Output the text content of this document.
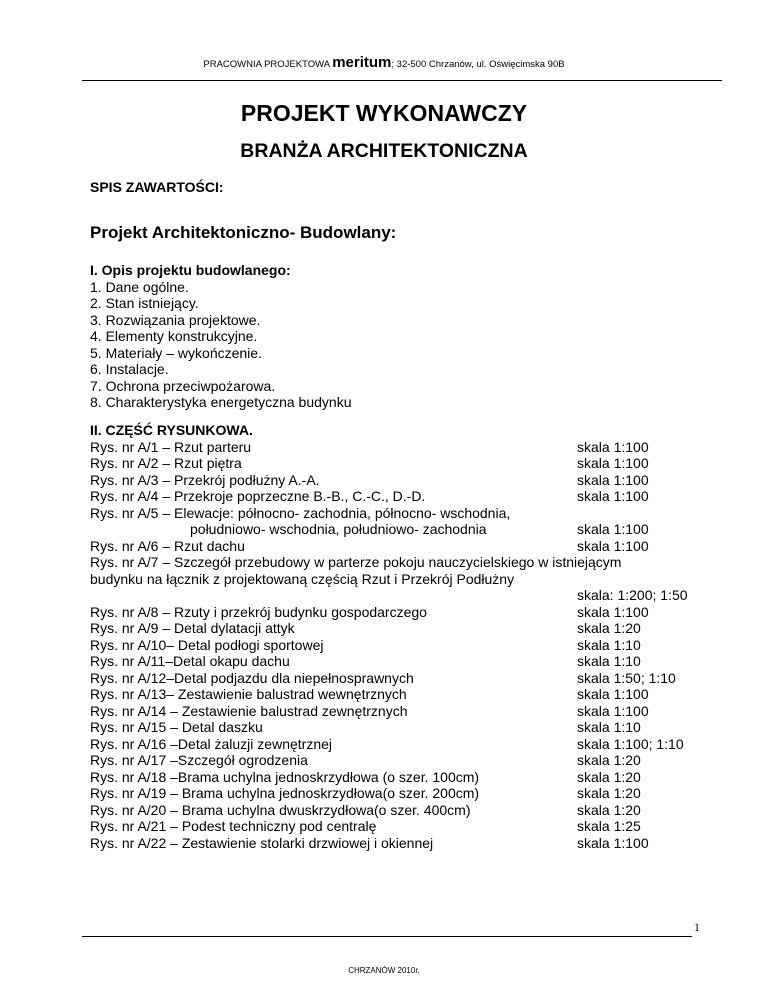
PRACOWNIA PROJEKTOWA meritum; 32-500 Chrzanów, ul. Oświęcimska 90B
PROJEKT WYKONAWCZY
BRANŻA ARCHITEKTONICZNA
SPIS ZAWARTOŚCI:
Projekt Architektoniczno- Budowlany:
I. Opis projektu budowlanego:
1. Dane ogólne.
2. Stan istniejący.
3. Rozwiązania projektowe.
4. Elementy konstrukcyjne.
5. Materiały – wykończenie.
6. Instalacje.
7. Ochrona przeciwpożarowa.
8. Charakterystyka energetyczna budynku
II. CZĘŚĆ RYSUNKOWA.
Rys. nr A/1 – Rzut parteru	skala 1:100
Rys. nr A/2 – Rzut piętra	skala 1:100
Rys. nr A/3 – Przekrój podłużny A.-A.	skala 1:100
Rys. nr A/4 – Przekroje poprzeczne B.-B., C.-C., D.-D.	skala 1:100
Rys. nr A/5 – Elewacje: północno- zachodnia, północno- wschodnia,
południowo- wschodnia, południowo- zachodnia	skala 1:100
Rys. nr A/6 – Rzut dachu	skala 1:100
Rys. nr A/7 – Szczegół przebudowy w parterze pokoju nauczycielskiego w istniejącym
budynku na łącznik z projektowaną częścią Rzut i Przekrój Podłużny
skala: 1:200; 1:50
Rys. nr A/8 – Rzuty i przekrój budynku gospodarczego	skala 1:100
Rys. nr A/9 – Detal dylatacji attyk	skala 1:20
Rys. nr A/10– Detal podłogi sportowej	skala 1:10
Rys. nr A/11–Detal okapu dachu	skala 1:10
Rys. nr A/12–Detal podjazdu dla niepełnosprawnych	skala 1:50; 1:10
Rys. nr A/13– Zestawienie balustrad wewnętrznych	skala 1:100
Rys. nr A/14 – Zestawienie balustrad zewnętrznych	skala 1:100
Rys. nr A/15 – Detal daszku	skala 1:10
Rys. nr A/16 –Detal żaluzji zewnętrznej	skala 1:100; 1:10
Rys. nr A/17 –Szczegół ogrodzenia	skala 1:20
Rys. nr A/18 –Brama uchylna jednoskrzydłowa (o szer. 100cm)	skala 1:20
Rys. nr A/19 – Brama uchylna jednoskrzydłowa(o szer. 200cm)	skala 1:20
Rys. nr A/20 – Brama uchylna dwuskrzydłowa(o szer. 400cm)	skala 1:20
Rys. nr A/21 – Podest techniczny pod centralę	skala 1:25
Rys. nr A/22 – Zestawienie stolarki drzwiowej i okiennej	skala 1:100
1
CHRZANÓW 2010r.
